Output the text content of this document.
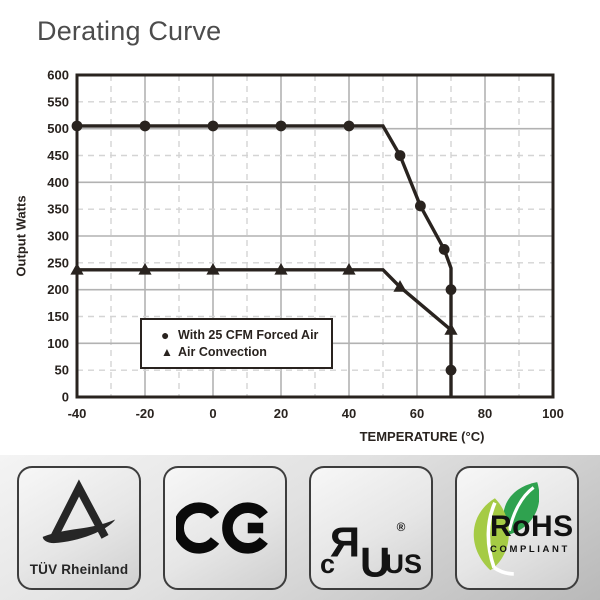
Derating Curve
-40	-20	0	20	40	60	80	100
0
50
100
150
200
250
300
350
400
450
500
550
600
Output Watts
TEMPERATURE (°C)
● With 25 CFM Forced Air
▲ Air Convection
TÜV Rheinland	c
Я U
®
US
RoHS
COMPLIANT
